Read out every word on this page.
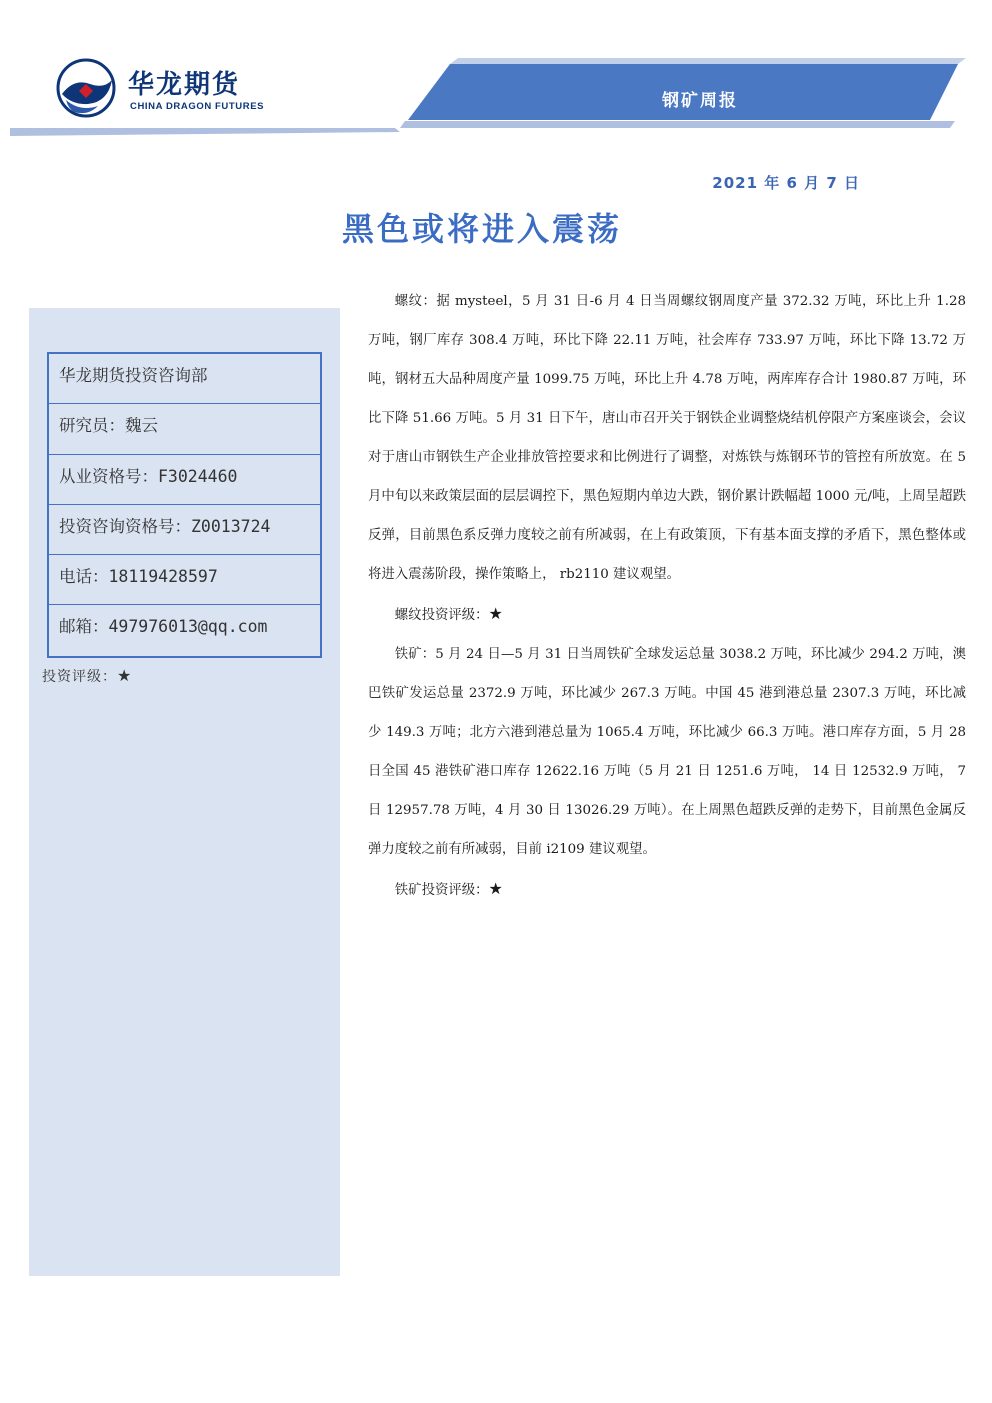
华龙期货
CHINA DRAGON FUTURES	钢矿周报
2021 年 6 月 7 日
黑色或将进入震荡
华龙期货投资咨询部
研究员：魏云
从业资格号：F3024460
投资咨询资格号：Z0013724
电话：18119428597
邮箱：497976013@qq.com
投资评级：★

螺纹：据 mysteel，5 月 31 日-6 月 4 日当周螺纹钢周度产量 372.32 万吨，环比上升 1.28 万吨，钢厂库存 308.4 万吨，环比下降 22.11 万吨，社会库存 733.97 万吨，环比下降 13.72 万吨，钢材五大品种周度产量 1099.75 万吨，环比上升 4.78 万吨，两库库存合计 1980.87 万吨，环比下降 51.66 万吨。5 月 31 日下午，唐山市召开关于钢铁企业调整烧结机停限产方案座谈会，会议对于唐山市钢铁生产企业排放管控要求和比例进行了调整，对炼铁与炼钢环节的管控有所放宽。在 5 月中旬以来政策层面的层层调控下，黑色短期内单边大跌，钢价累计跌幅超 1000 元/吨，上周呈超跌反弹，目前黑色系反弹力度较之前有所减弱，在上有政策顶，下有基本面支撑的矛盾下，黑色整体或将进入震荡阶段，操作策略上， rb2110 建议观望。

螺纹投资评级：★

铁矿：5 月 24 日—5 月 31 日当周铁矿全球发运总量 3038.2 万吨，环比减少 294.2 万吨，澳巴铁矿发运总量 2372.9 万吨，环比减少 267.3 万吨。中国 45 港到港总量 2307.3 万吨，环比减少 149.3 万吨；北方六港到港总量为 1065.4 万吨，环比减少 66.3 万吨。港口库存方面，5 月 28 日全国 45 港铁矿港口库存 12622.16 万吨（5 月 21 日 1251.6 万吨， 14 日 12532.9 万吨， 7 日 12957.78 万吨，4 月 30 日 13026.29 万吨）。在上周黑色超跌反弹的走势下，目前黑色金属反弹力度较之前有所减弱，目前 i2109 建议观望。

铁矿投资评级：★
